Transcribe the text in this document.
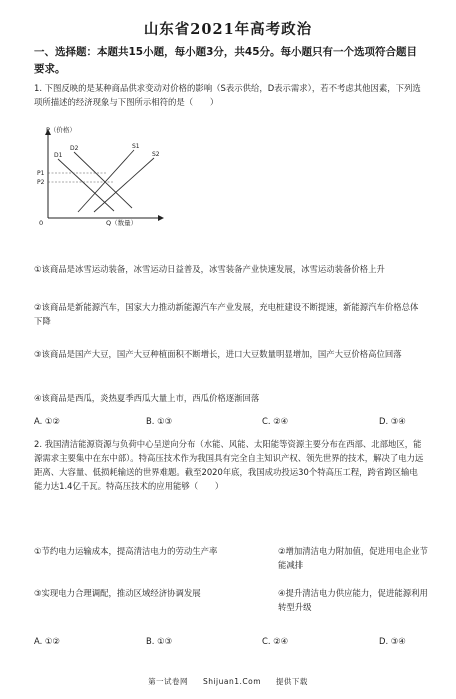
山东省2021年高考政治
一、选择题：本题共15小题，每小题3分，共45分。每小题只有一个选项符合题目要求。
1. 下图反映的是某种商品供求变动对价格的影响（S表示供给，D表示需求），若不考虑其他因素，下列选项所描述的经济现象与下图所示相符的是（　　）
P（价格）
Q（数量）
0
D1
D2	S1
S2
P1
P2
①该商品是冰雪运动装备，冰雪运动日益普及，冰雪装备产业快速发展，冰雪运动装备价格上升
②该商品是新能源汽车，国家大力推动新能源汽车产业发展，充电桩建设不断提速，新能源汽车价格总体下降
③该商品是国产大豆，国产大豆种植面积不断增长，进口大豆数量明显增加，国产大豆价格高位回落
④该商品是西瓜，炎热夏季西瓜大量上市，西瓜价格逐渐回落
A. ①②	B. ①③	C. ②④	D. ③④
2. 我国清洁能源资源与负荷中心呈逆向分布（水能、风能、太阳能等资源主要分布在西部、北部地区，能源需求主要集中在东中部）。特高压技术作为我国具有完全自主知识产权、领先世界的技术，解决了电力远距离、大容量、低损耗输送的世界难题。截至2020年底，我国成功投运30个特高压工程，跨省跨区输电能力达1.4亿千瓦。特高压技术的应用能够（　　）
①节约电力运输成本，提高清洁电力的劳动生产率	②增加清洁电力附加值，促进用电企业节能减排
③实现电力合理调配，推动区域经济协调发展	④提升清洁电力供应能力，促进能源利用转型升级
A. ①②	B. ①③	C. ②④	D. ③④
第一试卷网 Shijuan1.Com 提供下载
